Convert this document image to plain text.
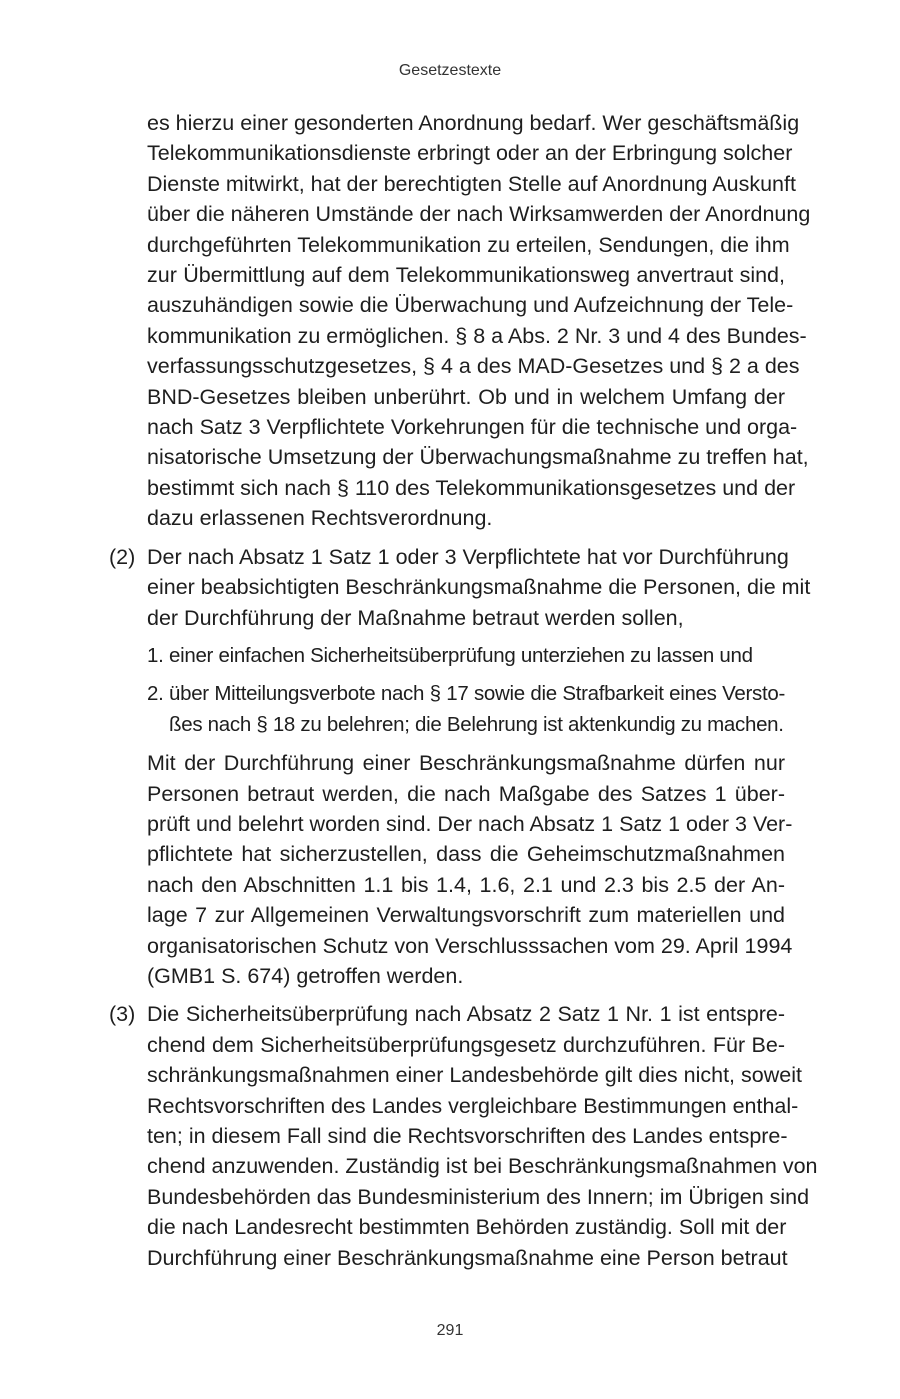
Gesetzestexte

es hierzu einer gesonderten Anordnung bedarf. Wer geschäftsmäßig
Telekommunikationsdienste erbringt oder an der Erbringung solcher
Dienste mitwirkt, hat der berechtigten Stelle auf Anordnung Auskunft
über die näheren Umstände der nach Wirksamwerden der Anordnung
durchgeführten Telekommunikation zu erteilen, Sendungen, die ihm
zur Übermittlung auf dem Telekommunikationsweg anvertraut sind,
auszuhändigen sowie die Überwachung und Aufzeichnung der Tele-
kommunikation zu ermöglichen. § 8 a Abs. 2 Nr. 3 und 4 des Bundes-
verfassungsschutzgesetzes, § 4 a des MAD-Gesetzes und § 2 a des
BND-Gesetzes bleiben unberührt. Ob und in welchem Umfang der
nach Satz 3 Verpflichtete Vorkehrungen für die technische und orga-
nisatorische Umsetzung der Überwachungsmaßnahme zu treffen hat,
bestimmt sich nach § 110 des Telekommunikationsgesetzes und der
dazu erlassenen Rechtsverordnung.

(2) Der nach Absatz 1 Satz 1 oder 3 Verpflichtete hat vor Durchführung
einer beabsichtigten Beschränkungsmaßnahme die Personen, die mit
der Durchführung der Maßnahme betraut werden sollen,

1. einer einfachen Sicherheitsüberprüfung unterziehen zu lassen und
2. über Mitteilungsverbote nach § 17 sowie die Strafbarkeit eines Versto-
ßes nach § 18 zu belehren; die Belehrung ist aktenkundig zu machen.

Mit der Durchführung einer Beschränkungsmaßnahme dürfen nur
Personen betraut werden, die nach Maßgabe des Satzes 1 über-
prüft und belehrt worden sind. Der nach Absatz 1 Satz 1 oder 3 Ver-
pflichtete hat sicherzustellen, dass die Geheimschutzmaßnahmen
nach den Abschnitten 1.1 bis 1.4, 1.6, 2.1 und 2.3 bis 2.5 der An-
lage 7 zur Allgemeinen Verwaltungsvorschrift zum materiellen und
organisatorischen Schutz von Verschlusssachen vom 29. April 1994
(GMB1 S. 674) getroffen werden.

(3) Die Sicherheitsüberprüfung nach Absatz 2 Satz 1 Nr. 1 ist entspre-
chend dem Sicherheitsüberprüfungsgesetz durchzuführen. Für Be-
schränkungsmaßnahmen einer Landesbehörde gilt dies nicht, soweit
Rechtsvorschriften des Landes vergleichbare Bestimmungen enthal-
ten; in diesem Fall sind die Rechtsvorschriften des Landes entspre-
chend anzuwenden. Zuständig ist bei Beschränkungsmaßnahmen von
Bundesbehörden das Bundesministerium des Innern; im Übrigen sind
die nach Landesrecht bestimmten Behörden zuständig. Soll mit der
Durchführung einer Beschränkungsmaßnahme eine Person betraut

291
